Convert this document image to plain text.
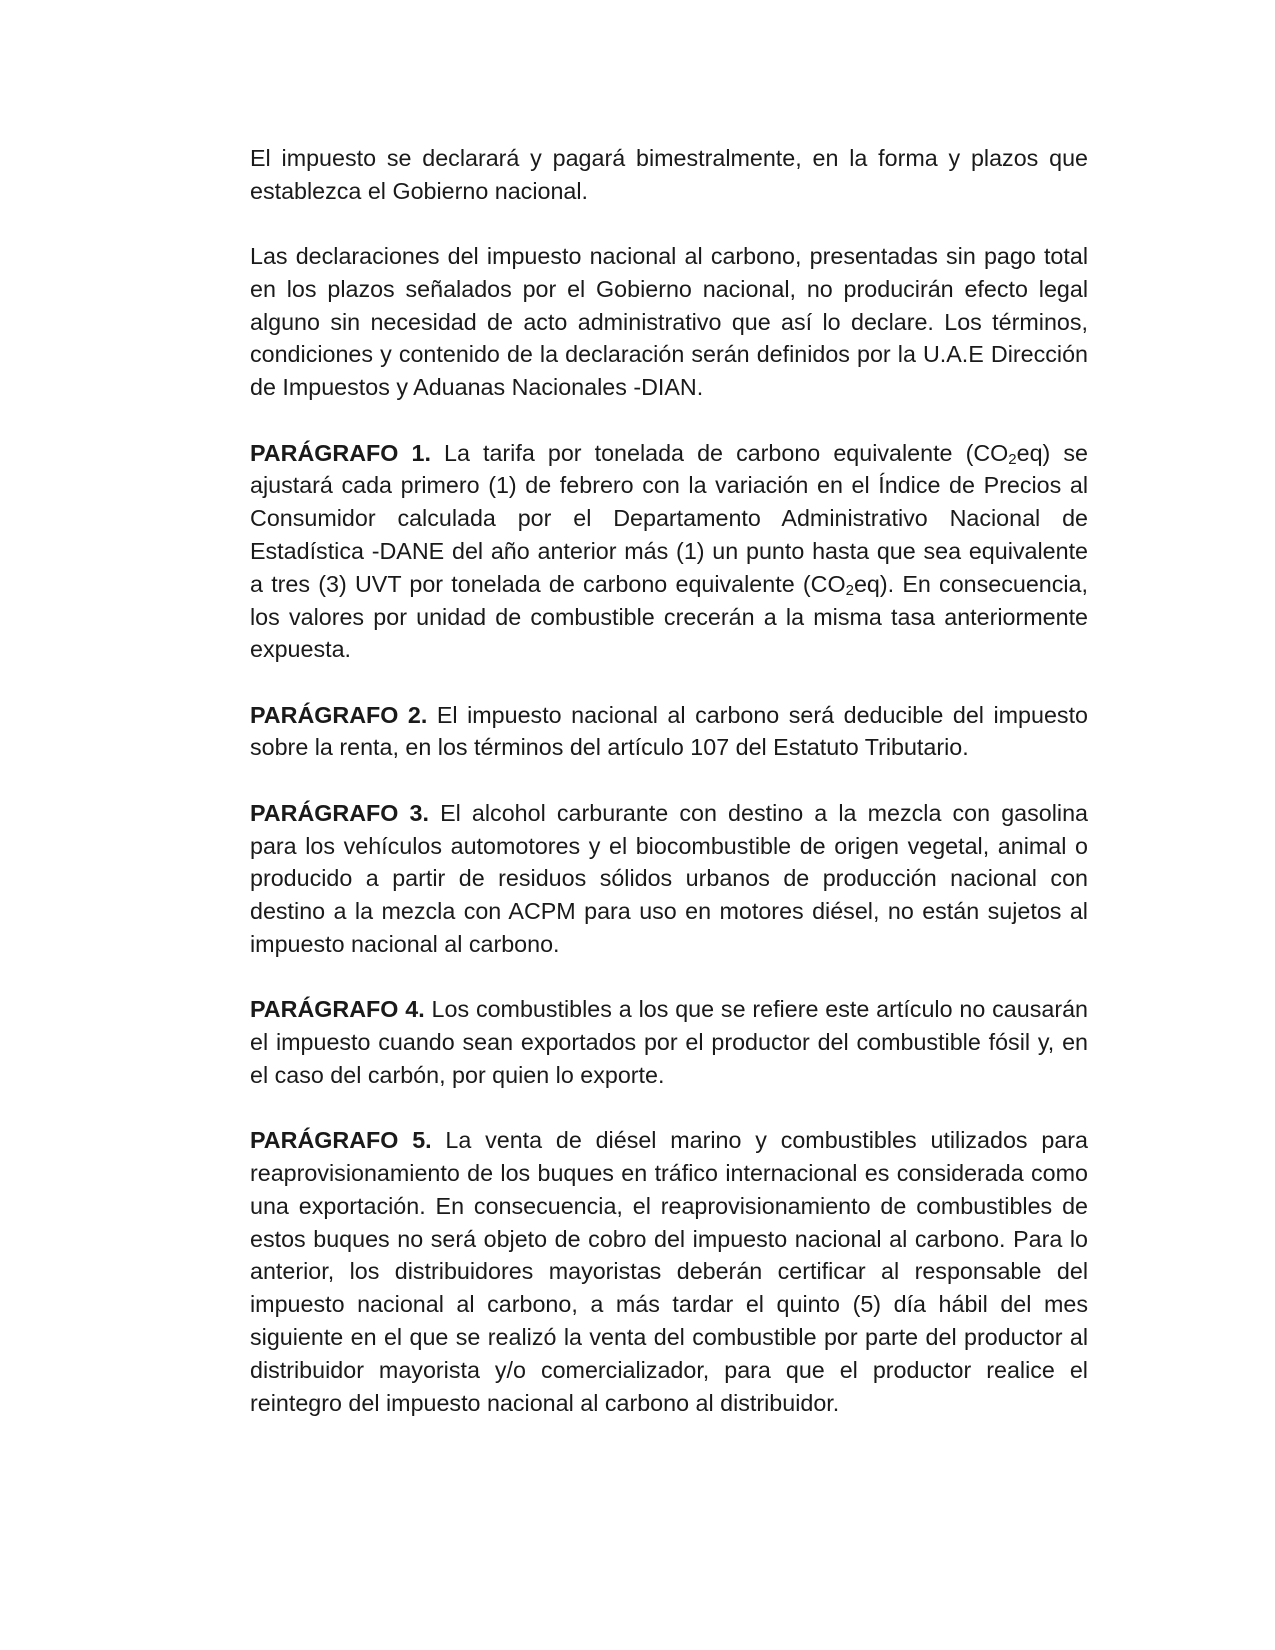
El impuesto se declarará y pagará bimestralmente, en la forma y plazos que establezca el Gobierno nacional.

Las declaraciones del impuesto nacional al carbono, presentadas sin pago total en los plazos señalados por el Gobierno nacional, no producirán efecto legal alguno sin necesidad de acto administrativo que así lo declare. Los términos, condiciones y contenido de la declaración serán definidos por la U.A.E Dirección de Impuestos y Aduanas Nacionales -DIAN.

PARÁGRAFO 1. La tarifa por tonelada de carbono equivalente $(CO_2eq)$ se ajustará cada primero (1) de febrero con la variación en el Índice de Precios al Consumidor calculada por el Departamento Administrativo Nacional de Estadística -DANE del año anterior más (1) un punto hasta que sea equivalente a tres (3) UVT por tonelada de carbono equivalente $(CO_2eq)$. En consecuencia, los valores por unidad de combustible crecerán a la misma tasa anteriormente expuesta.

PARÁGRAFO 2. El impuesto nacional al carbono será deducible del impuesto sobre la renta, en los términos del artículo 107 del Estatuto Tributario.

PARÁGRAFO 3. El alcohol carburante con destino a la mezcla con gasolina para los vehículos automotores y el biocombustible de origen vegetal, animal o producido a partir de residuos sólidos urbanos de producción nacional con destino a la mezcla con ACPM para uso en motores diésel, no están sujetos al impuesto nacional al carbono.

PARÁGRAFO 4. Los combustibles a los que se refiere este artículo no causarán el impuesto cuando sean exportados por el productor del combustible fósil y, en el caso del carbón, por quien lo exporte.

PARÁGRAFO 5. La venta de diésel marino y combustibles utilizados para reaprovisionamiento de los buques en tráfico internacional es considerada como una exportación. En consecuencia, el reaprovisionamiento de combustibles de estos buques no será objeto de cobro del impuesto nacional al carbono. Para lo anterior, los distribuidores mayoristas deberán certificar al responsable del impuesto nacional al carbono, a más tardar el quinto (5) día hábil del mes siguiente en el que se realizó la venta del combustible por parte del productor al distribuidor mayorista y/o comercializador, para que el productor realice el reintegro del impuesto nacional al carbono al distribuidor.
